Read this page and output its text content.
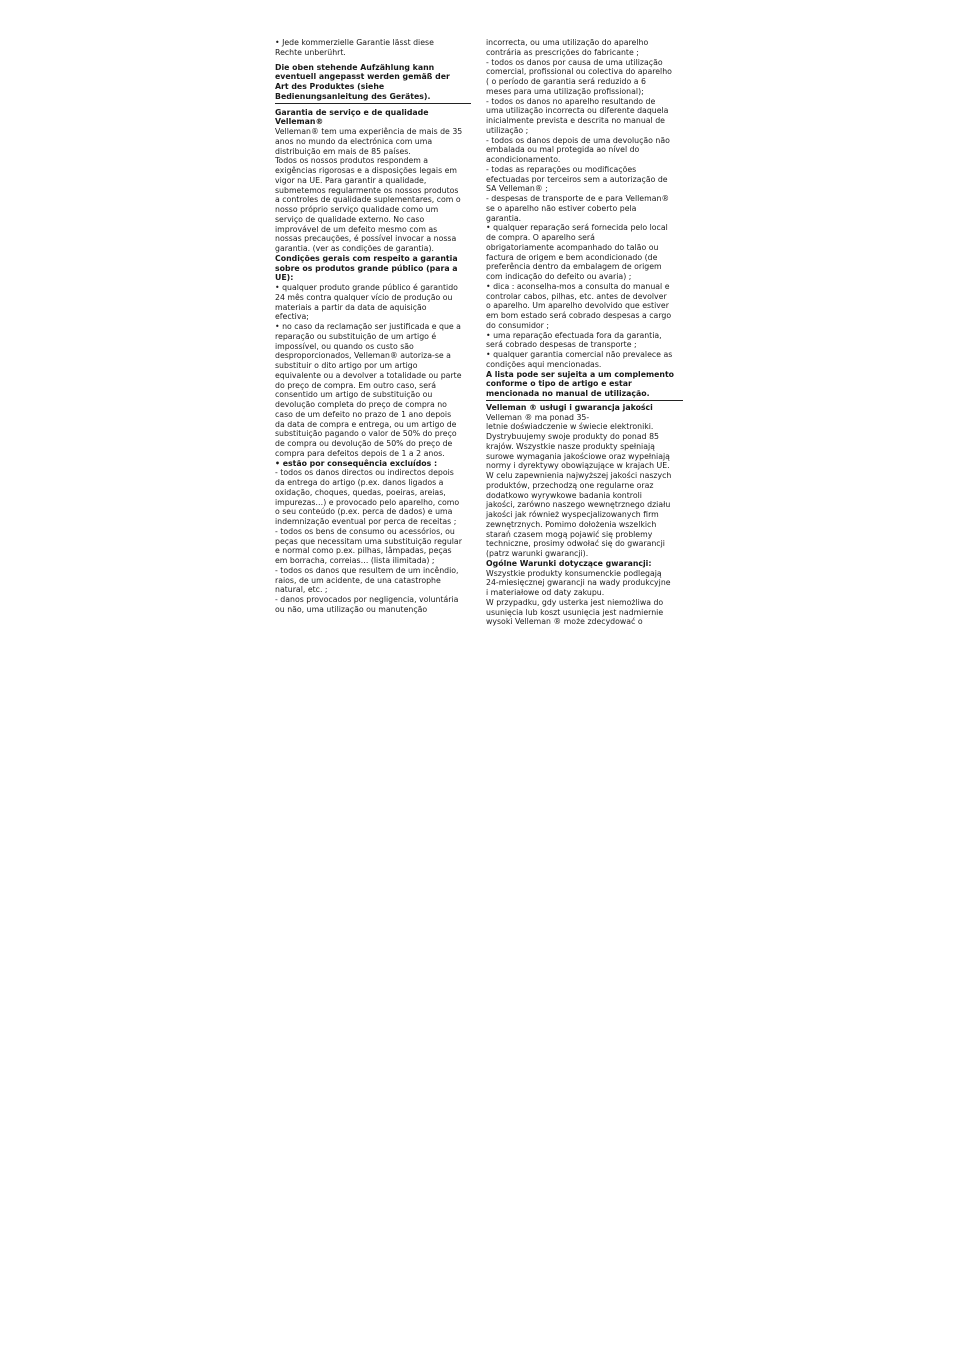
• Jede kommerzielle Garantie lässt diese
Rechte unberührt.

Die oben stehende Aufzählung kann
eventuell angepasst werden gemäß der
Art des Produktes (siehe
Bedienungsanleitung des Gerätes).

Garantia de serviço e de qualidade
Velleman®

Velleman® tem uma experiência de mais de 35
anos no mundo da electrónica com uma
distribuição em mais de 85 países.
Todos os nossos produtos respondem a
exigências rigorosas e a disposições legais em
vigor na UE. Para garantir a qualidade,
submetemos regularmente os nossos produtos
a controles de qualidade suplementares, com o
nosso próprio serviço qualidade como um
serviço de qualidade externo. No caso
improvável de um defeito mesmo com as
nossas precauções, é possível invocar a nossa
garantia. (ver as condições de garantia).

Condições gerais com respeito a garantia
sobre os produtos grande público (para a
UE):

• qualquer produto grande público é garantido
24 mês contra qualquer vício de produção ou
materiais a partir da data de aquisição
efectiva;

• no caso da reclamação ser justificada e que a
reparação ou substituição de um artigo é
impossível, ou quando os custo são
desproporcionados, Velleman® autoriza-se a
substituir o dito artigo por um artigo
equivalente ou a devolver a totalidade ou parte
do preço de compra. Em outro caso, será
consentido um artigo de substituição ou
devolução completa do preço de compra no
caso de um defeito no prazo de 1 ano depois
da data de compra e entrega, ou um artigo de
substituição pagando o valor de 50% do preço
de compra ou devolução de 50% do preço de
compra para defeitos depois de 1 a 2 anos.

• estão por consequência excluídos :

- todos os danos directos ou indirectos depois
da entrega do artigo (p.ex. danos ligados a
oxidação, choques, quedas, poeiras, areias,
impurezas…) e provocado pelo aparelho, como
o seu conteúdo (p.ex. perca de dados) e uma
indemnização eventual por perca de receitas ;
- todos os bens de consumo ou acessórios, ou
peças que necessitam uma substituição regular
e normal como p.ex. pilhas, lâmpadas, peças
em borracha, correias… (lista ilimitada) ;
- todos os danos que resultem de um incêndio,
raios, de um acidente, de una catastrophe
natural, etc. ;
- danos provocados por negligencia, voluntária
ou não, uma utilização ou manutenção

incorrecta, ou uma utilização do aparelho
contrária as prescrições do fabricante ;
- todos os danos por causa de uma utilização
comercial, profissional ou colectiva do aparelho
( o período de garantia será reduzido a 6
meses para uma utilização profissional);
- todos os danos no aparelho resultando de
uma utilização incorrecta ou diferente daquela
inicialmente prevista e descrita no manual de
utilização ;
- todos os danos depois de uma devolução não
embalada ou mal protegida ao nível do
acondicionamento.
- todas as reparações ou modificações
efectuadas por terceiros sem a autorização de
SA Velleman® ;
- despesas de transporte de e para Velleman®
se o aparelho não estiver coberto pela
garantia.
• qualquer reparação será fornecida pelo local
de compra. O aparelho será
obrigatoriamente acompanhado do talão ou
factura de origem e bem acondicionado (de
preferência dentro da embalagem de origem
com indicação do defeito ou avaria) ;
• dica : aconselha-mos a consulta do manual e
controlar cabos, pilhas, etc. antes de devolver
o aparelho. Um aparelho devolvido que estiver
em bom estado será cobrado despesas a cargo
do consumidor ;
• uma reparação efectuada fora da garantia,
será cobrado despesas de transporte ;
• qualquer garantia comercial não prevalece as
condições aqui mencionadas.

A lista pode ser sujeita a um complemento
conforme o tipo de artigo e estar
mencionada no manual de utilização.

Velleman ® usługi i gwarancja jakości

Velleman ® ma ponad 35-
letnie doświadczenie w świecie elektroniki.
Dystrybuujemy swoje produkty do ponad 85
krajów. Wszystkie nasze produkty spełniają
surowe wymagania jakościowe oraz wypełniają
normy i dyrektywy obowiązujące w krajach UE.
W celu zapewnienia najwyższej jakości naszych
produktów, przechodzą one regularne oraz
dodatkowo wyrywkowe badania kontroli
jakości, zarówno naszego wewnętrznego działu
jakości jak również wyspecjalizowanych firm
zewnętrznych. Pomimo dołożenia wszelkich
starań czasem mogą pojawić się problemy
techniczne, prosimy odwołać się do gwarancji
(patrz warunki gwarancji).

Ogólne Warunki dotyczące gwarancji:

Wszystkie produkty konsumenckie podlegają
24-miesięcznej gwarancji na wady produkcyjne
i materiałowe od daty zakupu.
W przypadku, gdy usterka jest niemożliwa do
usunięcia lub koszt usunięcia jest nadmiernie
wysoki Velleman ® może zdecydować o
